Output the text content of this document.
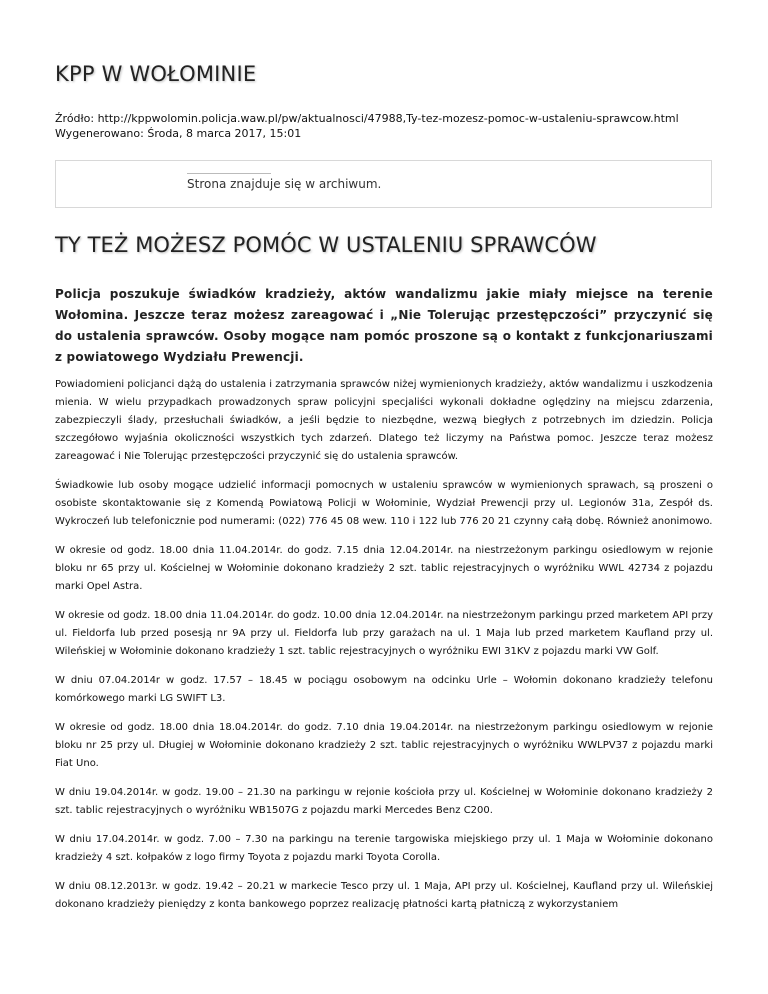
KPP W WOŁOMINIE
Źródło: http://kppwolomin.policja.waw.pl/pw/aktualnosci/47988,Ty-tez-mozesz-pomoc-w-ustaleniu-sprawcow.html
Wygenerowano: Środa, 8 marca 2017, 15:01
Strona znajduje się w archiwum.
TY TEŻ MOŻESZ POMÓC W USTALENIU SPRAWCÓW

Policja poszukuje świadków kradzieży, aktów wandalizmu jakie miały miejsce na terenie Wołomina. Jeszcze teraz możesz zareagować i „Nie Tolerując przestępczości” przyczynić się do ustalenia sprawców. Osoby mogące nam pomóc proszone są o kontakt z funkcjonariuszami z powiatowego Wydziału Prewencji.

Powiadomieni policjanci dążą do ustalenia i zatrzymania sprawców niżej wymienionych kradzieży, aktów wandalizmu i uszkodzenia mienia. W wielu przypadkach prowadzonych spraw policyjni specjaliści wykonali dokładne oględziny na miejscu zdarzenia, zabezpieczyli ślady, przesłuchali świadków, a jeśli będzie to niezbędne, wezwą biegłych z potrzebnych im dziedzin. Policja szczegółowo wyjaśnia okoliczności wszystkich tych zdarzeń. Dlatego też liczymy na Państwa pomoc. Jeszcze teraz możesz zareagować i Nie Tolerując przestępczości przyczynić się do ustalenia sprawców.

Świadkowie lub osoby mogące udzielić informacji pomocnych w ustaleniu sprawców w wymienionych sprawach, są proszeni o osobiste skontaktowanie się z Komendą Powiatową Policji w Wołominie, Wydział Prewencji przy ul. Legionów 31a, Zespół ds. Wykroczeń lub telefonicznie pod numerami: (022) 776 45 08 wew. 110 i 122 lub 776 20 21 czynny całą dobę. Również anonimowo.

W okresie od godz. 18.00 dnia 11.04.2014r. do godz. 7.15 dnia 12.04.2014r. na niestrzeżonym parkingu osiedlowym w rejonie bloku nr 65 przy ul. Kościelnej w Wołominie dokonano kradzieży 2 szt. tablic rejestracyjnych o wyróżniku WWL 42734 z pojazdu marki Opel Astra.

W okresie od godz. 18.00 dnia 11.04.2014r. do godz. 10.00 dnia 12.04.2014r. na niestrzeżonym parkingu przed marketem API przy ul. Fieldorfa lub przed posesją nr 9A przy ul. Fieldorfa lub przy garażach na ul. 1 Maja lub przed marketem Kaufland przy ul. Wileńskiej w Wołominie dokonano kradzieży 1 szt. tablic rejestracyjnych o wyróżniku EWI 31KV z pojazdu marki VW Golf.

W dniu 07.04.2014r w godz. 17.57 – 18.45 w pociągu osobowym na odcinku Urle – Wołomin dokonano kradzieży telefonu komórkowego marki LG SWIFT L3.

W okresie od godz. 18.00 dnia 18.04.2014r. do godz. 7.10 dnia 19.04.2014r. na niestrzeżonym parkingu osiedlowym w rejonie bloku nr 25 przy ul. Długiej w Wołominie dokonano kradzieży 2 szt. tablic rejestracyjnych o wyróżniku WWLPV37 z pojazdu marki Fiat Uno.

W dniu 19.04.2014r. w godz. 19.00 – 21.30 na parkingu w rejonie kościoła przy ul. Kościelnej w Wołominie dokonano kradzieży 2 szt. tablic rejestracyjnych o wyróżniku WB1507G z pojazdu marki Mercedes Benz C200.

W dniu 17.04.2014r. w godz. 7.00 – 7.30 na parkingu na terenie targowiska miejskiego przy ul. 1 Maja w Wołominie dokonano kradzieży 4 szt. kołpaków z logo firmy Toyota z pojazdu marki Toyota Corolla.

W dniu 08.12.2013r. w godz. 19.42 – 20.21 w markecie Tesco przy ul. 1 Maja, API przy ul. Kościelnej, Kaufland przy ul. Wileńskiej dokonano kradzieży pieniędzy z konta bankowego poprzez realizację płatności kartą płatniczą z wykorzystaniem
